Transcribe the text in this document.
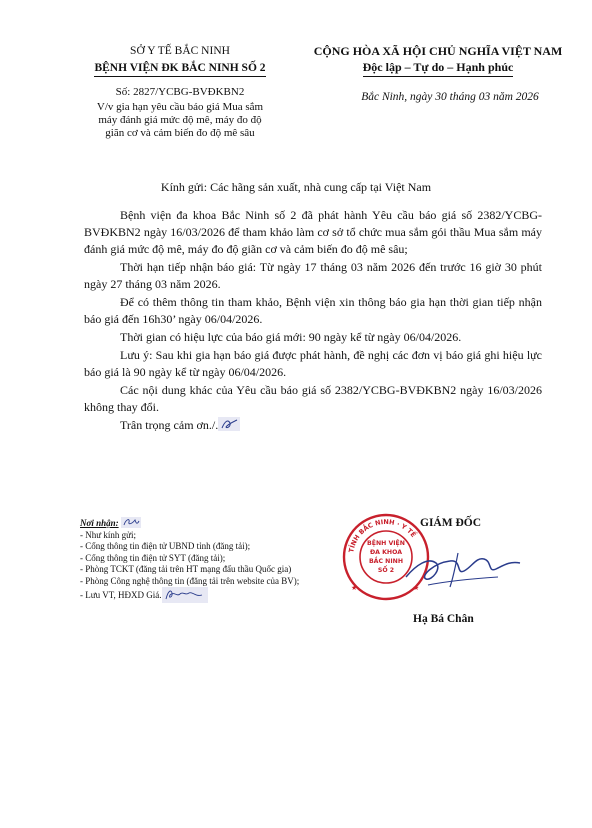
SỞ Y TẾ BẮC NINH
BỆNH VIỆN ĐK BẮC NINH SỐ 2
CỘNG HÒA XÃ HỘI CHỦ NGHĨA VIỆT NAM
Độc lập – Tự do – Hạnh phúc
Số: 2827/YCBG-BVĐKBN2
V/v gia hạn yêu cầu báo giá Mua sắm
máy đánh giá mức độ mê, máy đo độ
giãn cơ và cảm biến đo độ mê sâu
Bắc Ninh, ngày 30 tháng 03 năm 2026
Kính gửi: Các hãng sản xuất, nhà cung cấp tại Việt Nam

Bệnh viện đa khoa Bắc Ninh số 2 đã phát hành Yêu cầu báo giá số 2382/YCBG-BVĐKBN2 ngày 16/03/2026 để tham khảo làm cơ sở tổ chức mua sắm gói thầu Mua sắm máy đánh giá mức độ mê, máy đo độ giãn cơ và cảm biến đo độ mê sâu;

Thời hạn tiếp nhận báo giá: Từ ngày 17 tháng 03 năm 2026 đến trước 16 giờ 30 phút ngày 27 tháng 03 năm 2026.

Để có thêm thông tin tham khảo, Bệnh viện xin thông báo gia hạn thời gian tiếp nhận báo giá đến 16h30’ ngày 06/04/2026.

Thời gian có hiệu lực của báo giá mới: 90 ngày kể từ ngày 06/04/2026.

Lưu ý: Sau khi gia hạn báo giá được phát hành, đề nghị các đơn vị báo giá ghi hiệu lực báo giá là 90 ngày kể từ ngày 06/04/2026.

Các nội dung khác của Yêu cầu báo giá số 2382/YCBG-BVĐKBN2 ngày 16/03/2026 không thay đổi.

Trân trọng cảm ơn./.

Nơi nhận:
- Như kính gửi;
- Cổng thông tin điện tử UBND tỉnh (đăng tải);
- Cổng thông tin điện tử SYT (đăng tải);
- Phòng TCKT (đăng tải trên HT mạng đấu thầu Quốc gia)
- Phòng Công nghệ thông tin (đăng tải trên website của BV);
- Lưu VT, HĐXD Giá.
TỈNH BẮC NINH · Y TẾ
BỆNH VIỆN
ĐA KHOA
BẮC NINH
SỐ 2
★	★
GIÁM ĐỐC
Hạ Bá Chân
